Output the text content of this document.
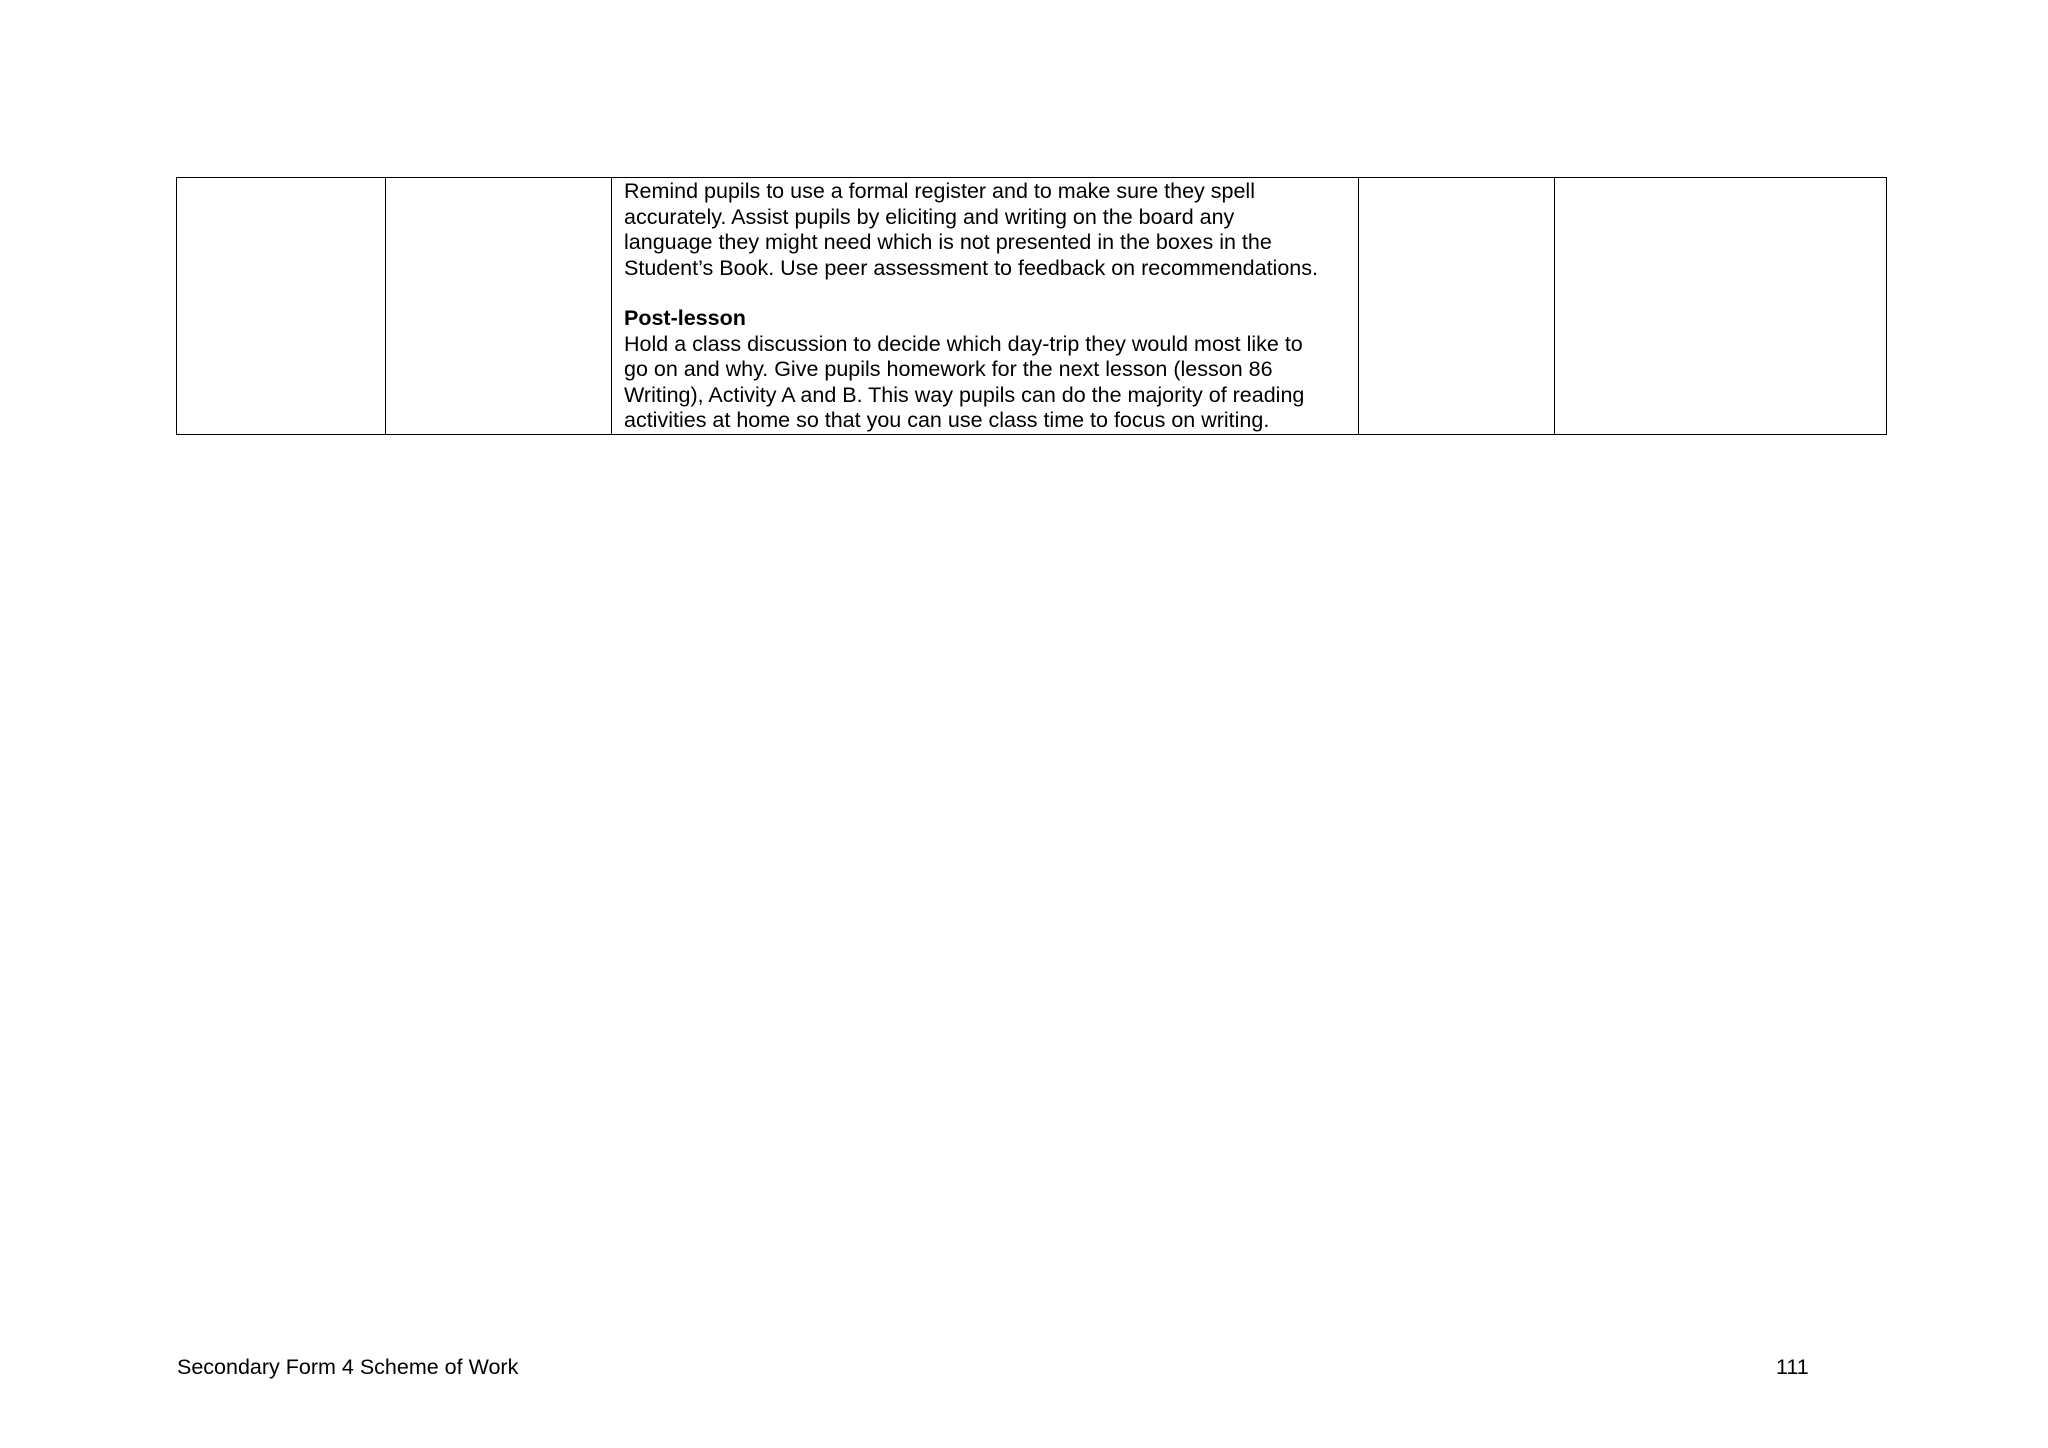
Remind pupils to use a formal register and to make sure they spell
accurately. Assist pupils by eliciting and writing on the board any
language they might need which is not presented in the boxes in the
Student’s Book. Use peer assessment to feedback on recommendations.
Post-lesson
Hold a class discussion to decide which day-trip they would most like to
go on and why. Give pupils homework for the next lesson (lesson 86
Writing), Activity A and B. This way pupils can do the majority of reading
activities at home so that you can use class time to focus on writing.

Secondary Form 4 Scheme of Work	111
